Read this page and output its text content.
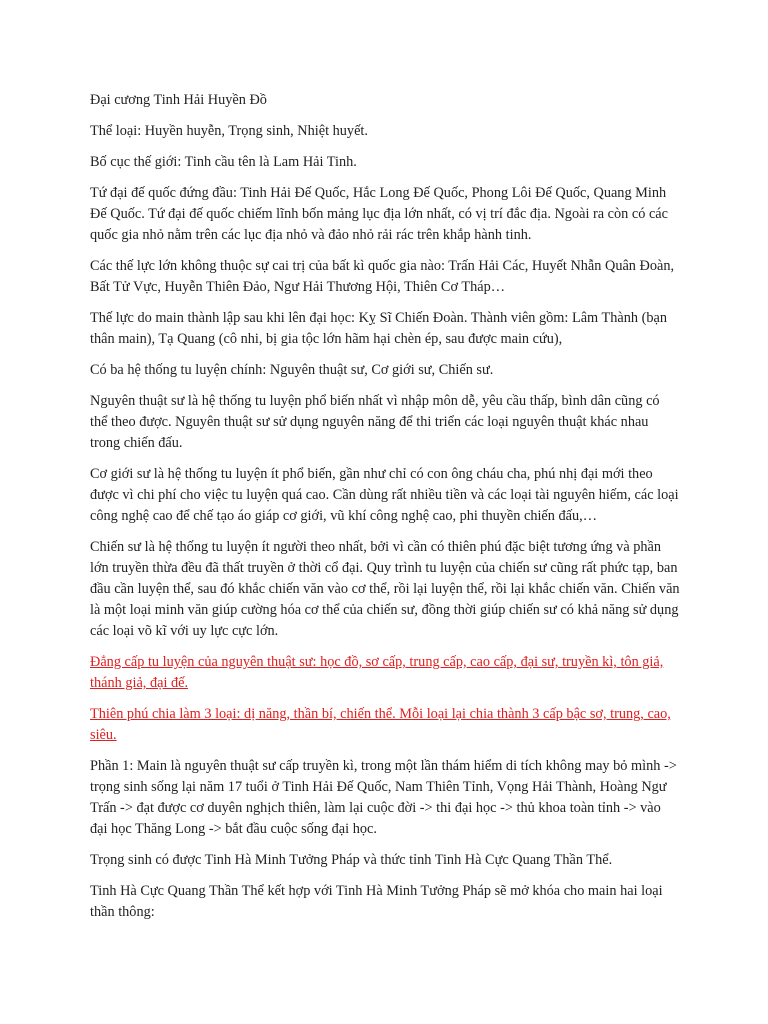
Đại cương Tinh Hải Huyền Đồ

Thể loại: Huyền huyễn, Trọng sinh, Nhiệt huyết.

Bố cục thế giới: Tinh cầu tên là Lam Hải Tinh.

Tứ đại đế quốc đứng đầu: Tinh Hải Đế Quốc, Hắc Long Đế Quốc, Phong Lôi Đế Quốc, Quang Minh Đế Quốc. Tứ đại đế quốc chiếm lĩnh bốn mảng lục địa lớn nhất, có vị trí đắc địa. Ngoài ra còn có các quốc gia nhỏ nằm trên các lục địa nhỏ và đảo nhỏ rải rác trên khắp hành tinh.

Các thế lực lớn không thuộc sự cai trị của bất kì quốc gia nào: Trấn Hải Các, Huyết Nhẫn Quân Đoàn, Bất Tử Vực, Huyễn Thiên Đảo, Ngư Hải Thương Hội, Thiên Cơ Tháp…

Thế lực do main thành lập sau khi lên đại học: Kỵ Sĩ Chiến Đoàn. Thành viên gồm: Lâm Thành (bạn thân main), Tạ Quang (cô nhi, bị gia tộc lớn hãm hại chèn ép, sau được main cứu),

Có ba hệ thống tu luyện chính: Nguyên thuật sư, Cơ giới sư, Chiến sư.

Nguyên thuật sư là hệ thống tu luyện phổ biến nhất vì nhập môn dễ, yêu cầu thấp, bình dân cũng có thể theo được. Nguyên thuật sư sử dụng nguyên năng để thi triển các loại nguyên thuật khác nhau trong chiến đấu.

Cơ giới sư là hệ thống tu luyện ít phổ biến, gần như chỉ có con ông cháu cha, phú nhị đại mới theo được vì chi phí cho việc tu luyện quá cao. Cần dùng rất nhiều tiền và các loại tài nguyên hiếm, các loại công nghệ cao để chế tạo áo giáp cơ giới, vũ khí công nghệ cao, phi thuyền chiến đấu,…

Chiến sư là hệ thống tu luyện ít người theo nhất, bởi vì cần có thiên phú đặc biệt tương ứng và phần lớn truyền thừa đều đã thất truyền ở thời cổ đại. Quy trình tu luyện của chiến sư cũng rất phức tạp, ban đầu cần luyện thể, sau đó khắc chiến văn vào cơ thể, rồi lại luyện thể, rồi lại khắc chiến văn. Chiến văn là một loại minh văn giúp cường hóa cơ thể của chiến sư, đồng thời giúp chiến sư có khả năng sử dụng các loại võ kĩ với uy lực cực lớn.

Đẳng cấp tu luyện của nguyên thuật sư: học đồ, sơ cấp, trung cấp, cao cấp, đại sư, truyền kì, tôn giả, thánh giả, đại đế.

Thiên phú chia làm 3 loại: dị năng, thần bí, chiến thể. Mỗi loại lại chia thành 3 cấp bậc sơ, trung, cao, siêu.

Phần 1: Main là nguyên thuật sư cấp truyền kì, trong một lần thám hiểm di tích không may bỏ mình -> trọng sinh sống lại năm 17 tuổi ở Tinh Hải Đế Quốc, Nam Thiên Tỉnh, Vọng Hải Thành, Hoàng Ngư Trấn -> đạt được cơ duyên nghịch thiên, làm lại cuộc đời -> thi đại học -> thủ khoa toàn tỉnh -> vào đại học Thăng Long -> bắt đầu cuộc sống đại học.

Trọng sinh có được Tinh Hà Minh Tưởng Pháp và thức tỉnh Tinh Hà Cực Quang Thần Thể.

Tinh Hà Cực Quang Thần Thể kết hợp với Tinh Hà Minh Tưởng Pháp sẽ mở khóa cho main hai loại thần thông:
